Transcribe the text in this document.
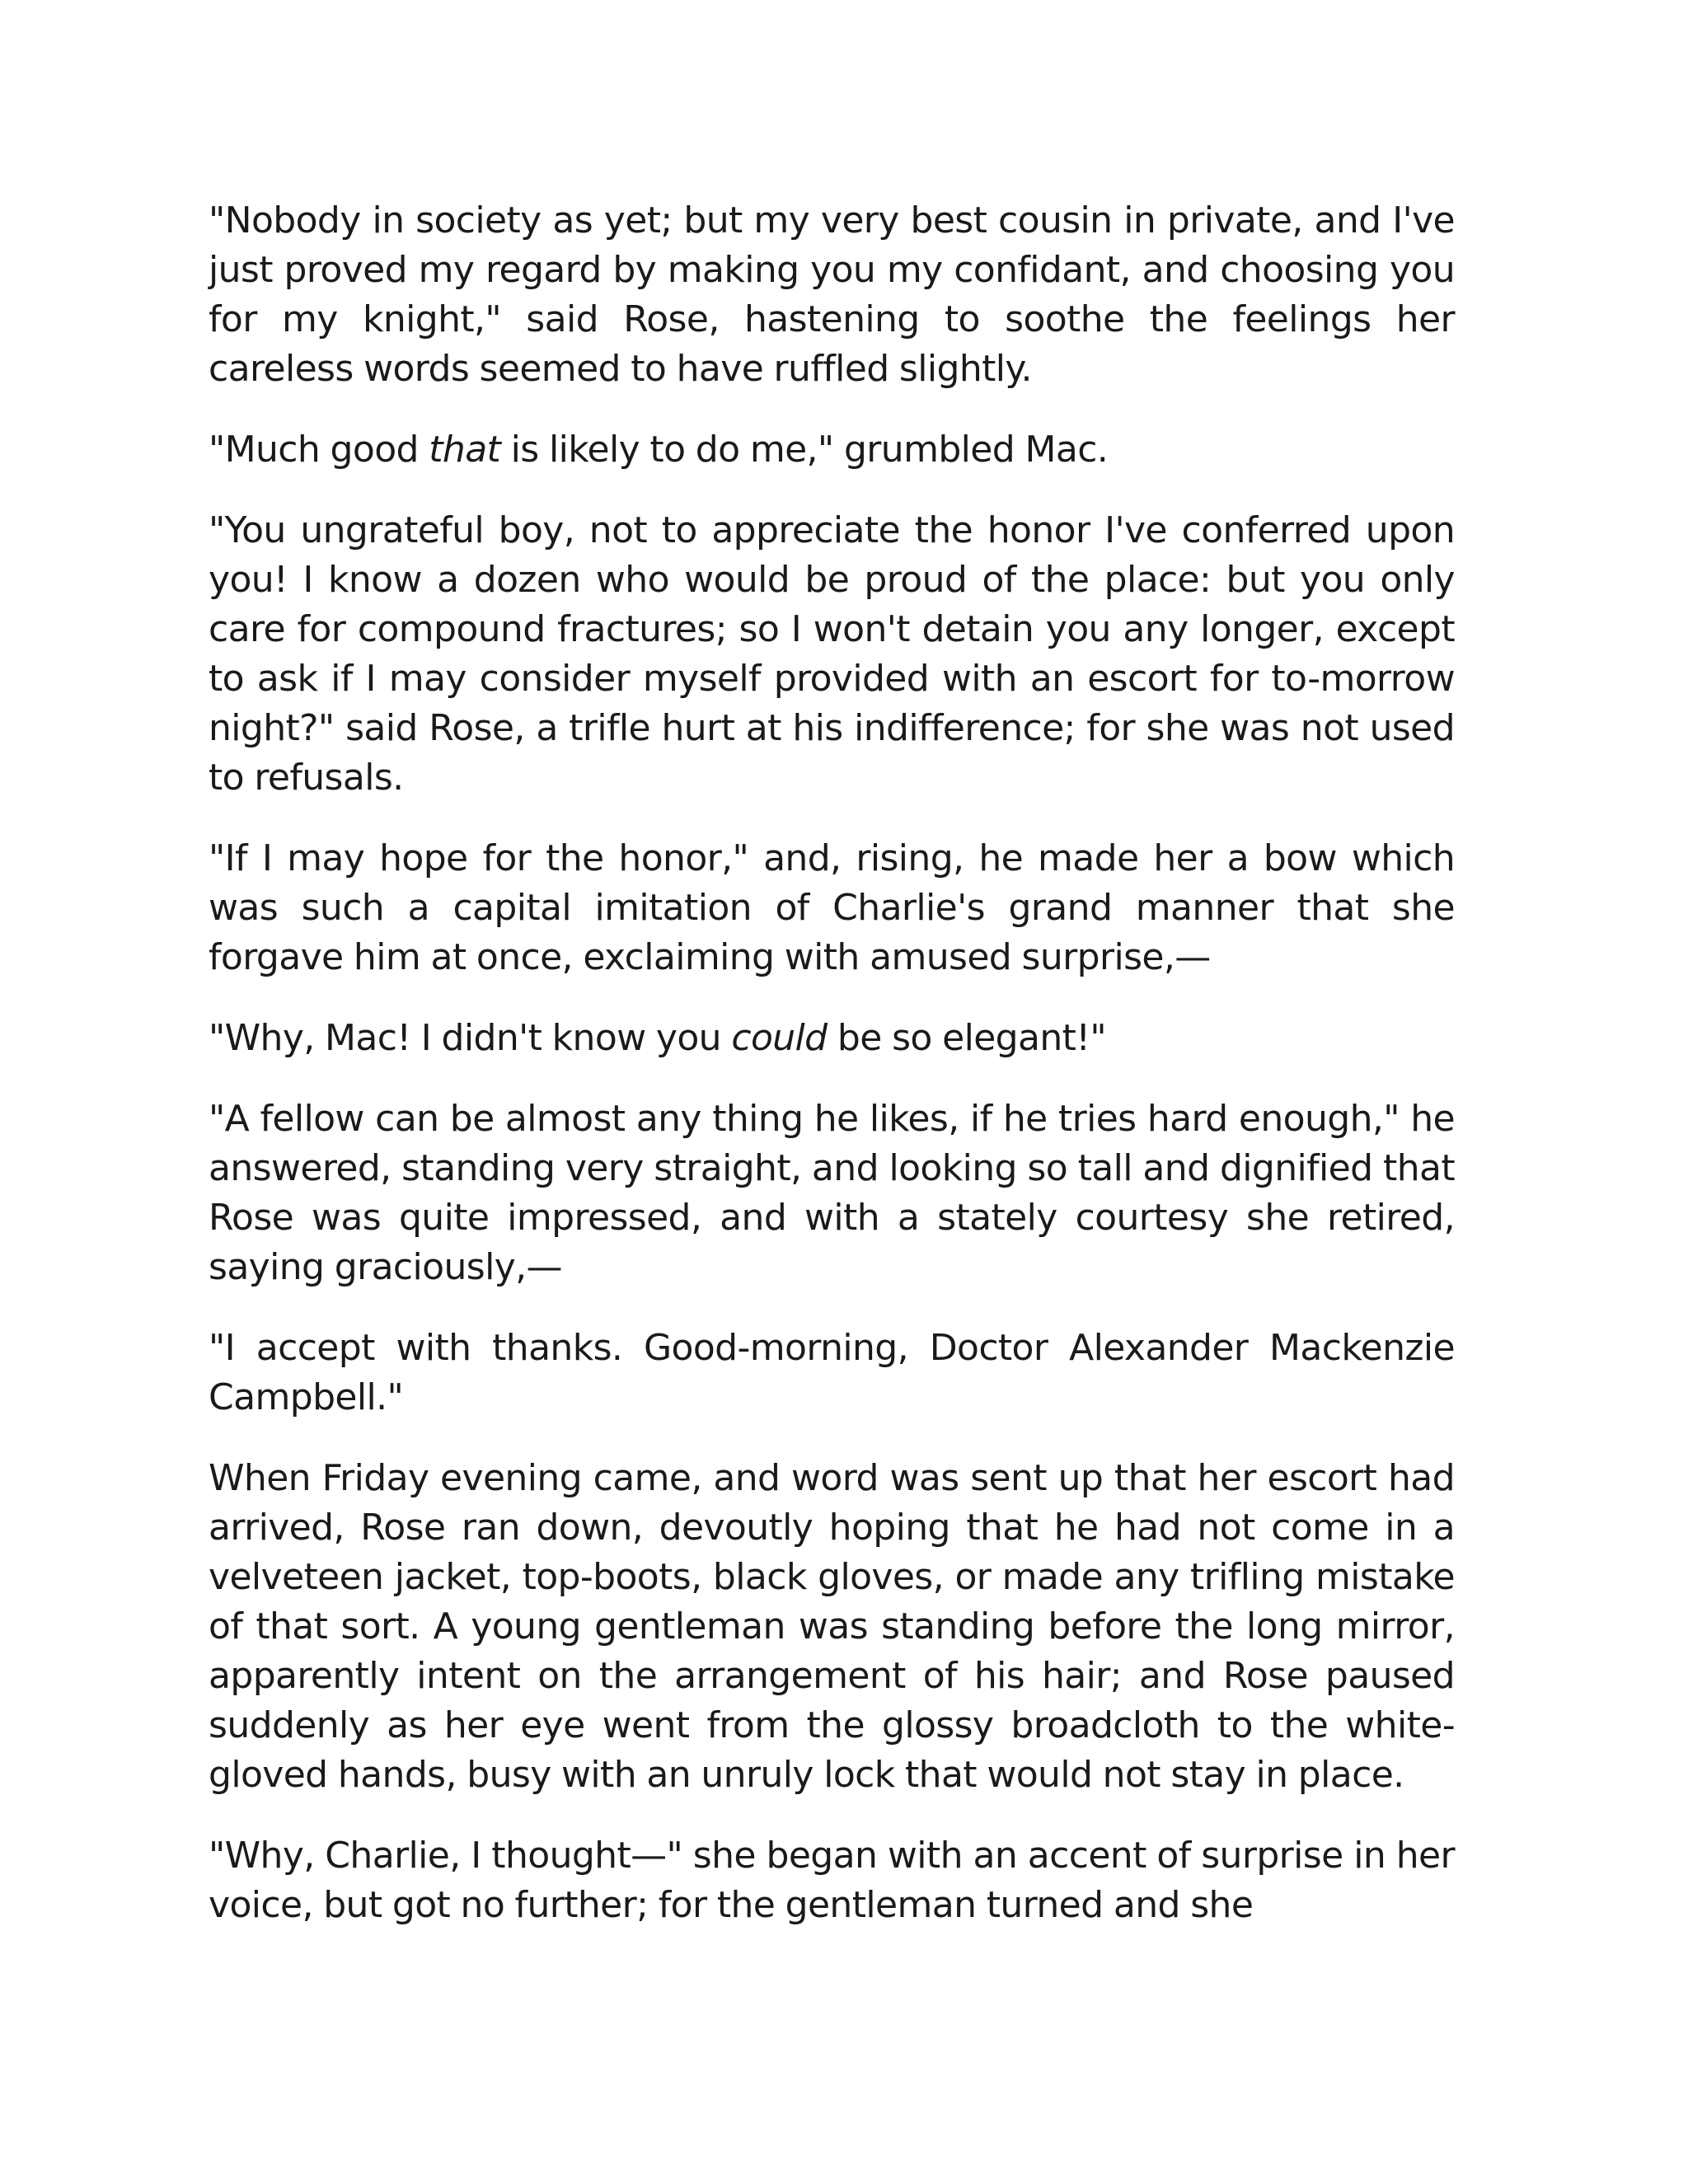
"Nobody in society as yet; but my very best cousin in private, and I've just proved my regard by making you my confidant, and choosing you for my knight," said Rose, hastening to soothe the feelings her careless words seemed to have ruffled slightly.

"Much good that is likely to do me," grumbled Mac.

"You ungrateful boy, not to appreciate the honor I've conferred upon you! I know a dozen who would be proud of the place: but you only care for compound fractures; so I won't detain you any longer, except to ask if I may consider myself provided with an escort for to-morrow night?" said Rose, a trifle hurt at his indifference; for she was not used to refusals.

"If I may hope for the honor," and, rising, he made her a bow which was such a capital imitation of Charlie's grand manner that she forgave him at once, exclaiming with amused surprise,—

"Why, Mac! I didn't know you could be so elegant!"

"A fellow can be almost any thing he likes, if he tries hard enough," he answered, standing very straight, and looking so tall and dignified that Rose was quite impressed, and with a stately courtesy she retired, saying graciously,—

"I accept with thanks. Good-morning, Doctor Alexander Mackenzie Campbell."

When Friday evening came, and word was sent up that her escort had arrived, Rose ran down, devoutly hoping that he had not come in a velveteen jacket, top-boots, black gloves, or made any trifling mistake of that sort. A young gentleman was standing before the long mirror, apparently intent on the arrangement of his hair; and Rose paused suddenly as her eye went from the glossy broadcloth to the white-gloved hands, busy with an unruly lock that would not stay in place.

"Why, Charlie, I thought—" she began with an accent of surprise in her voice, but got no further; for the gentleman turned and she
